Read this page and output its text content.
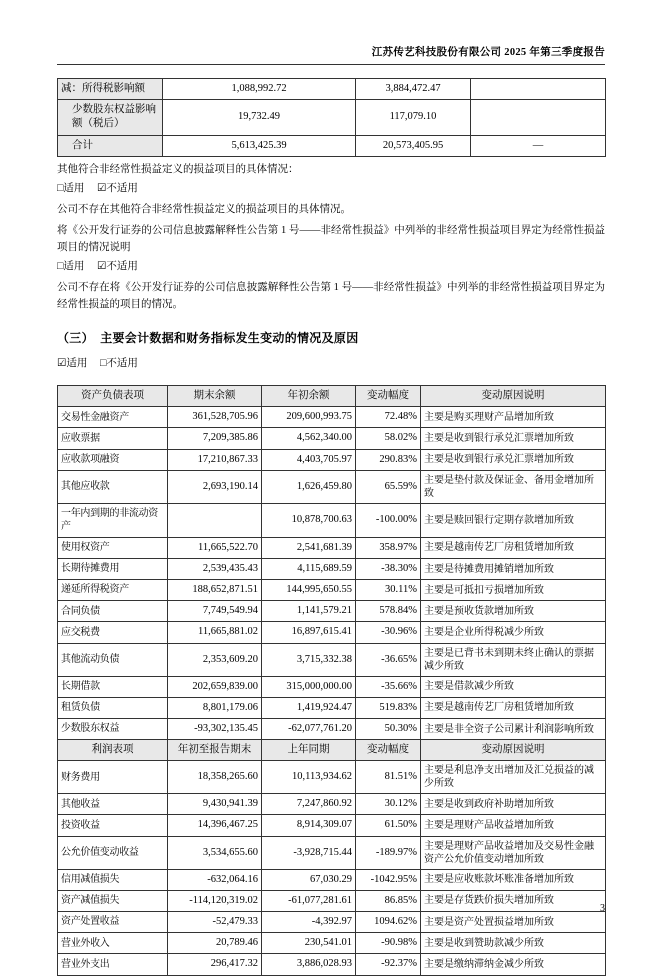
江苏传艺科技股份有限公司 2025 年第三季度报告
减：所得税影响额	1,088,992.72	3,884,472.47	
少数股东权益影响额（税后）	19,732.49	117,079.10	
合计	5,613,425.39	20,573,405.95	—

其他符合非经常性损益定义的损益项目的具体情况：

□适用 ☑不适用

公司不存在其他符合非经常性损益定义的损益项目的具体情况。

将《公开发行证券的公司信息披露解释性公告第 1 号——非经常性损益》中列举的非经常性损益项目界定为经常性损益项目的情况说明

□适用 ☑不适用

公司不存在将《公开发行证券的公司信息披露解释性公告第 1 号——非经常性损益》中列举的非经常性损益项目界定为经常性损益的项目的情况。

（三）　主要会计数据和财务指标发生变动的情况及原因

☑适用 □不适用

资产负债表项	期末余额	年初余额	变动幅度	变动原因说明
交易性金融资产	361,528,705.96	209,600,993.75	72.48%	主要是购买理财产品增加所致
应收票据	7,209,385.86	4,562,340.00	58.02%	主要是收到银行承兑汇票增加所致
应收款项融资	17,210,867.33	4,403,705.97	290.83%	主要是收到银行承兑汇票增加所致
其他应收款	2,693,190.14	1,626,459.80	65.59%	主要是垫付款及保证金、备用金增加所致
一年内到期的非流动资产		10,878,700.63	-100.00%	主要是赎回银行定期存款增加所致
使用权资产	11,665,522.70	2,541,681.39	358.97%	主要是越南传艺厂房租赁增加所致
长期待摊费用	2,539,435.43	4,115,689.59	-38.30%	主要是待摊费用摊销增加所致
递延所得税资产	188,652,871.51	144,995,650.55	30.11%	主要是可抵扣亏损增加所致
合同负债	7,749,549.94	1,141,579.21	578.84%	主要是预收货款增加所致
应交税费	11,665,881.02	16,897,615.41	-30.96%	主要是企业所得税减少所致
其他流动负债	2,353,609.20	3,715,332.38	-36.65%	主要是已背书未到期未终止确认的票据减少所致
长期借款	202,659,839.00	315,000,000.00	-35.66%	主要是借款减少所致
租赁负债	8,801,179.06	1,419,924.47	519.83%	主要是越南传艺厂房租赁增加所致
少数股东权益	-93,302,135.45	-62,077,761.20	50.30%	主要是非全资子公司累计利润影响所致
利润表项	年初至报告期末	上年同期	变动幅度	变动原因说明
财务费用	18,358,265.60	10,113,934.62	81.51%	主要是利息净支出增加及汇兑损益的减少所致
其他收益	9,430,941.39	7,247,860.92	30.12%	主要是收到政府补助增加所致
投资收益	14,396,467.25	8,914,309.07	61.50%	主要是理财产品收益增加所致
公允价值变动收益	3,534,655.60	-3,928,715.44	-189.97%	主要是理财产品收益增加及交易性金融资产公允价值变动增加所致
信用减值损失	-632,064.16	67,030.29	-1042.95%	主要是应收账款坏账准备增加所致
资产减值损失	-114,120,319.02	-61,077,281.61	86.85%	主要是存货跌价损失增加所致
资产处置收益	-52,479.33	-4,392.97	1094.62%	主要是资产处置损益增加所致
营业外收入	20,789.46	230,541.01	-90.98%	主要是收到赞助款减少所致
营业外支出	296,417.32	3,886,028.93	-92.37%	主要是缴纳滞纳金减少所致
3
